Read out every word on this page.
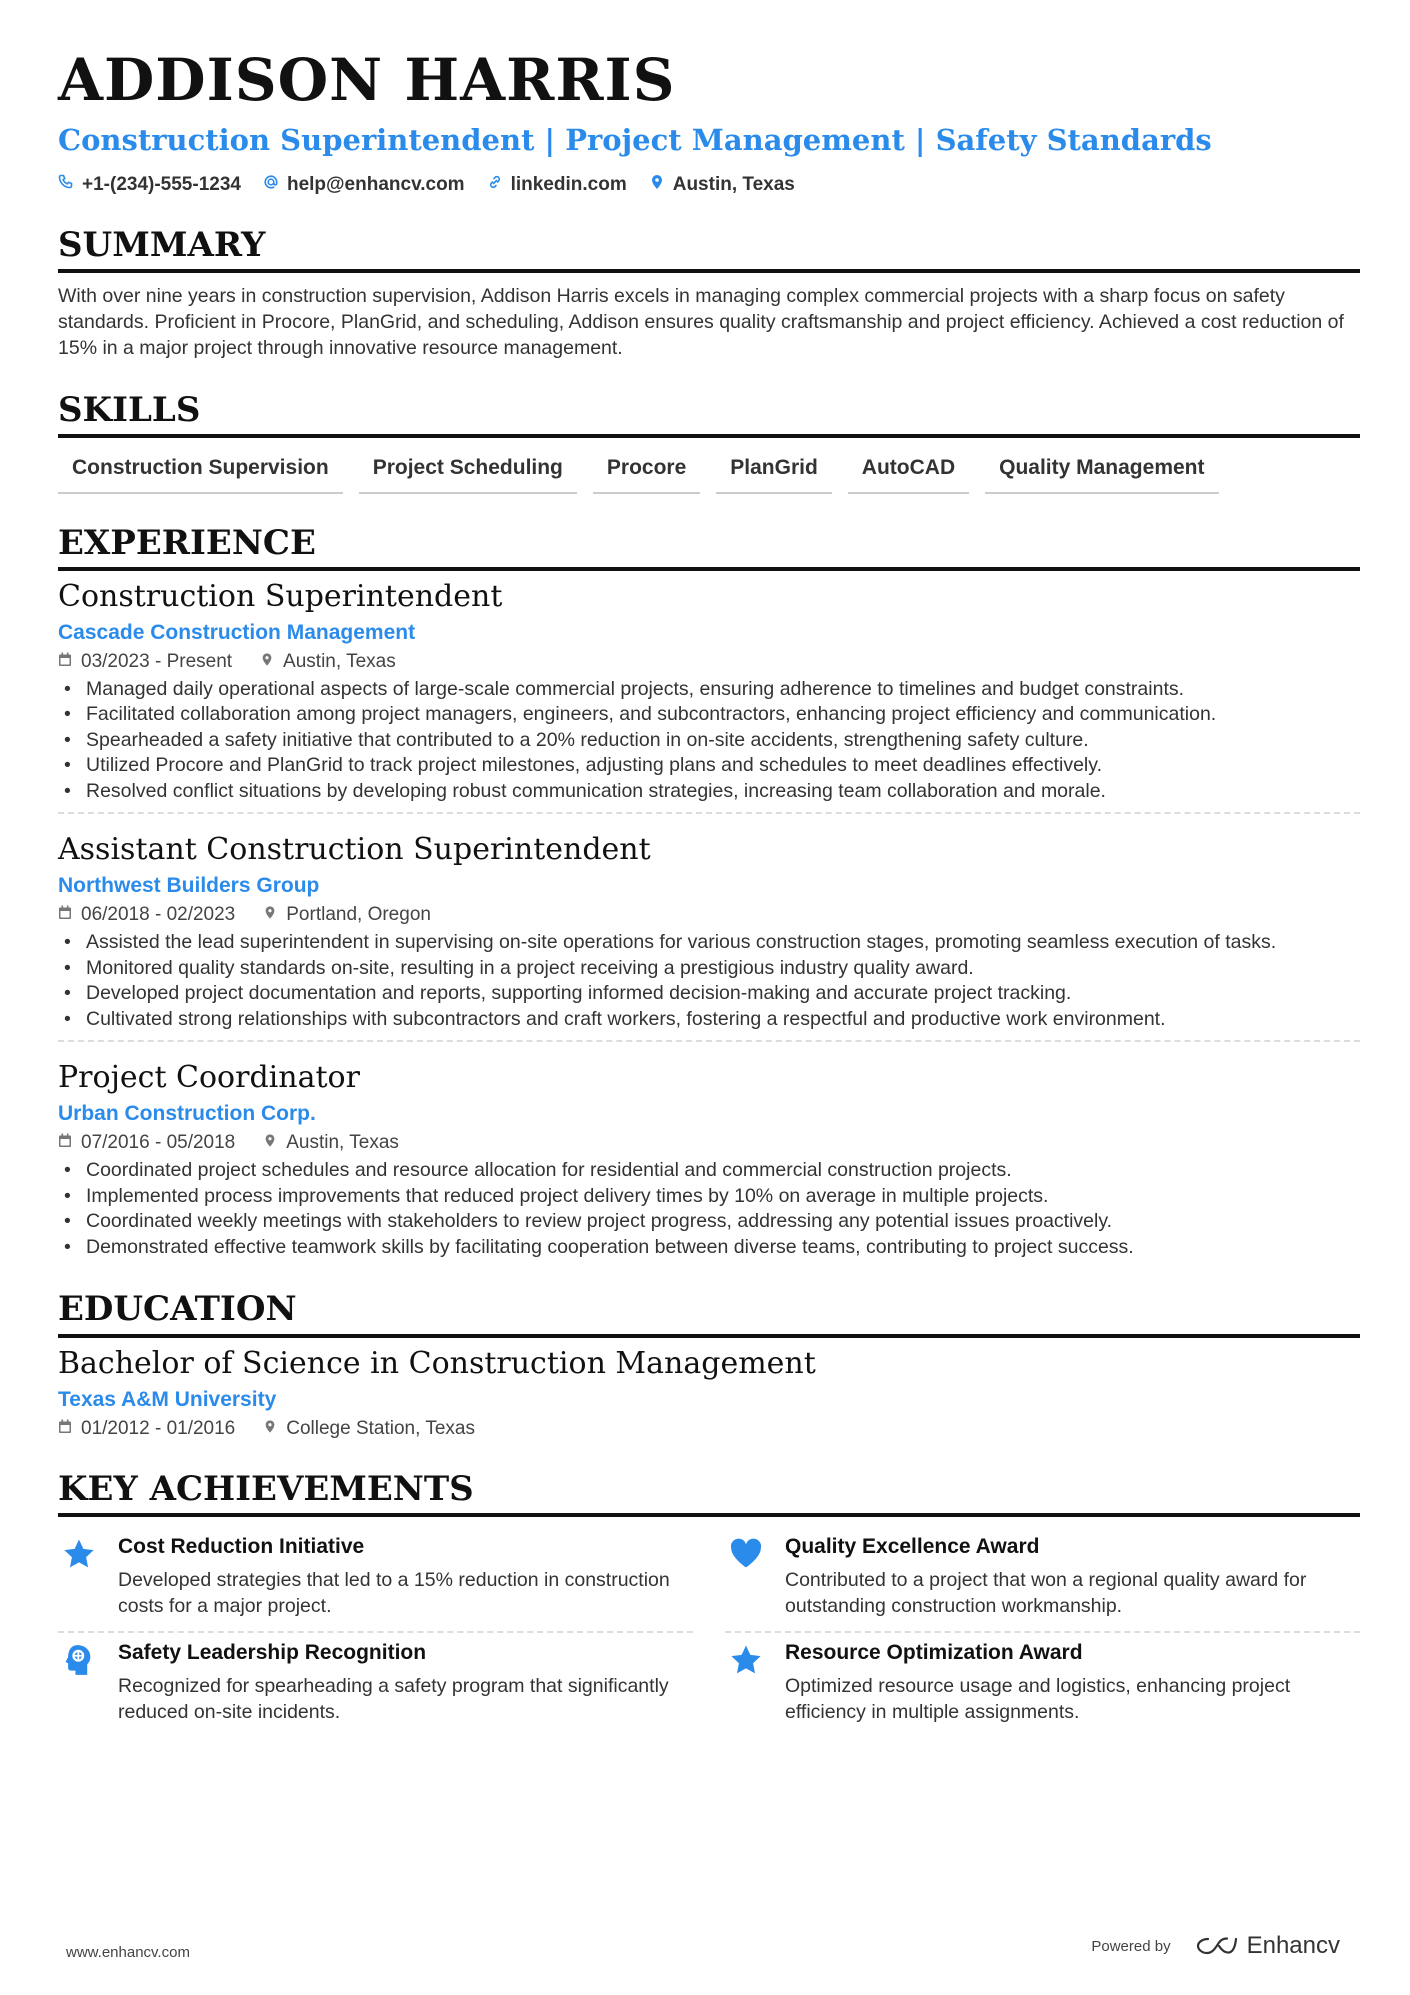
ADDISON HARRIS
Construction Superintendent | Project Management | Safety Standards
+1-(234)-555-1234 help@enhancv.com linkedin.com Austin, Texas
SUMMARY
With over nine years in construction supervision, Addison Harris excels in managing complex commercial projects with a sharp focus on safety standards. Proficient in Procore, PlanGrid, and scheduling, Addison ensures quality craftsmanship and project efficiency. Achieved a cost reduction of 15% in a major project through innovative resource management.
SKILLS
Construction Supervision	Project Scheduling	Procore	PlanGrid	AutoCAD	Quality Management
EXPERIENCE
Construction Superintendent
Cascade Construction Management
03/2023 - Present	Austin, Texas
• Managed daily operational aspects of large-scale commercial projects, ensuring adherence to timelines and budget constraints.
• Facilitated collaboration among project managers, engineers, and subcontractors, enhancing project efficiency and communication.
• Spearheaded a safety initiative that contributed to a 20% reduction in on-site accidents, strengthening safety culture.
• Utilized Procore and PlanGrid to track project milestones, adjusting plans and schedules to meet deadlines effectively.
• Resolved conflict situations by developing robust communication strategies, increasing team collaboration and morale.
Assistant Construction Superintendent
Northwest Builders Group
06/2018 - 02/2023	Portland, Oregon
• Assisted the lead superintendent in supervising on-site operations for various construction stages, promoting seamless execution of tasks.
• Monitored quality standards on-site, resulting in a project receiving a prestigious industry quality award.
• Developed project documentation and reports, supporting informed decision-making and accurate project tracking.
• Cultivated strong relationships with subcontractors and craft workers, fostering a respectful and productive work environment.
Project Coordinator
Urban Construction Corp.
07/2016 - 05/2018	Austin, Texas
• Coordinated project schedules and resource allocation for residential and commercial construction projects.
• Implemented process improvements that reduced project delivery times by 10% on average in multiple projects.
• Coordinated weekly meetings with stakeholders to review project progress, addressing any potential issues proactively.
• Demonstrated effective teamwork skills by facilitating cooperation between diverse teams, contributing to project success.
EDUCATION
Bachelor of Science in Construction Management
Texas A&M University
01/2012 - 01/2016	College Station, Texas
KEY ACHIEVEMENTS
Cost Reduction Initiative
Developed strategies that led to a 15% reduction in construction costs for a major project.
Quality Excellence Award
Contributed to a project that won a regional quality award for outstanding construction workmanship.
Safety Leadership Recognition
Recognized for spearheading a safety program that significantly reduced on-site incidents.
Resource Optimization Award
Optimized resource usage and logistics, enhancing project efficiency in multiple assignments.
www.enhancv.com	Powered by	Enhancv
